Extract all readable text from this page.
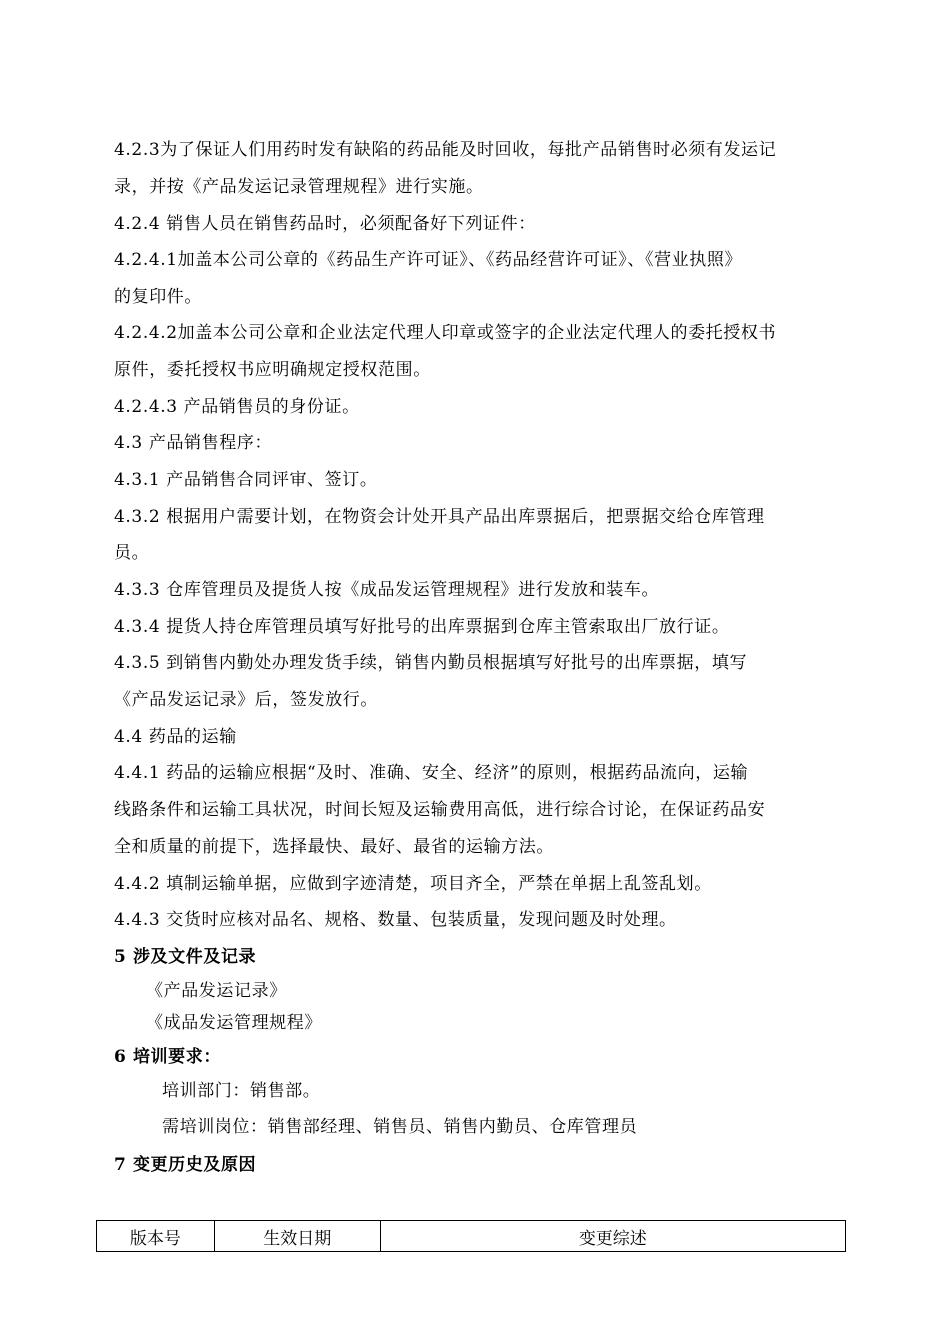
4.2.3为了保证人们用药时发有缺陷的药品能及时回收，每批产品销售时必须有发运记
录，并按《产品发运记录管理规程》进行实施。
4.2.4 销售人员在销售药品时，必须配备好下列证件：
4.2.4.1加盖本公司公章的《药品生产许可证》、《药品经营许可证》、《营业执照》
的复印件。
4.2.4.2加盖本公司公章和企业法定代理人印章或签字的企业法定代理人的委托授权书
原件，委托授权书应明确规定授权范围。
4.2.4.3 产品销售员的身份证。
4.3 产品销售程序：
4.3.1 产品销售合同评审、签订。
4.3.2 根据用户需要计划，在物资会计处开具产品出库票据后，把票据交给仓库管理
员。
4.3.3 仓库管理员及提货人按《成品发运管理规程》进行发放和装车。
4.3.4 提货人持仓库管理员填写好批号的出库票据到仓库主管索取出厂放行证。
4.3.5 到销售内勤处办理发货手续，销售内勤员根据填写好批号的出库票据，填写
《产品发运记录》后，签发放行。
4.4 药品的运输
4.4.1 药品的运输应根据“及时、准确、安全、经济”的原则，根据药品流向，运输
线路条件和运输工具状况，时间长短及运输费用高低，进行综合讨论，在保证药品安
全和质量的前提下，选择最快、最好、最省的运输方法。
4.4.2 填制运输单据，应做到字迹清楚，项目齐全，严禁在单据上乱签乱划。
4.4.3 交货时应核对品名、规格、数量、包装质量，发现问题及时处理。
5 涉及文件及记录
《产品发运记录》
《成品发运管理规程》
6 培训要求：
培训部门：销售部。
需培训岗位：销售部经理、销售员、销售内勤员、仓库管理员
7 变更历史及原因
版本号	生效日期	变更综述
